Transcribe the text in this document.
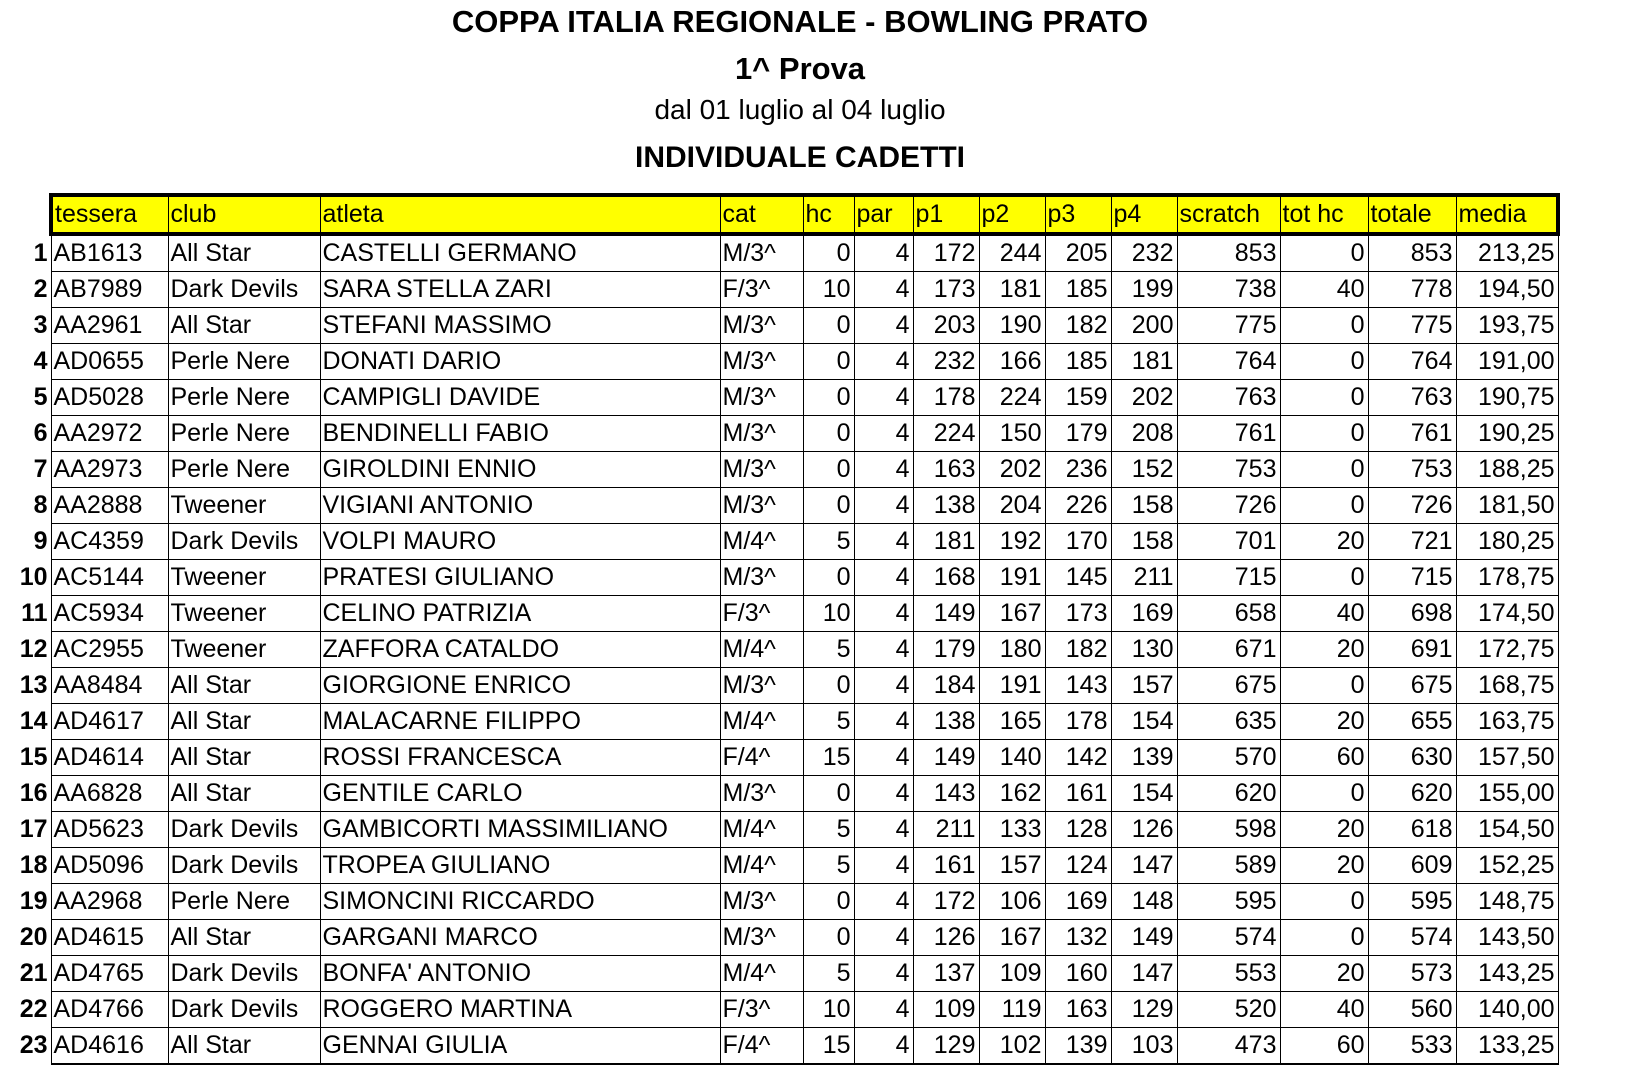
COPPA ITALIA REGIONALE - BOWLING PRATO
1^ Prova
dal 01 luglio al 04 luglio
INDIVIDUALE CADETTI
tessera	club	atleta	cat	hc	par	p1	p2	p3	p4	scratch	tot hc	totale	media

1 AB1613	All Star	CASTELLI GERMANO	M/3^	0	4	172	244	205	232	853	0	853	213,25

2 AB7989	Dark Devils	SARA STELLA ZARI	F/3^	10	4	173	181	185	199	738	40	778	194,50

3 AA2961	All Star	STEFANI MASSIMO	M/3^	0	4	203	190	182	200	775	0	775	193,75

4 AD0655	Perle Nere	DONATI DARIO	M/3^	0	4	232	166	185	181	764	0	764	191,00

5 AD5028	Perle Nere	CAMPIGLI DAVIDE	M/3^	0	4	178	224	159	202	763	0	763	190,75

6 AA2972	Perle Nere	BENDINELLI FABIO	M/3^	0	4	224	150	179	208	761	0	761	190,25

7 AA2973	Perle Nere	GIROLDINI ENNIO	M/3^	0	4	163	202	236	152	753	0	753	188,25

8 AA2888	Tweener	VIGIANI ANTONIO	M/3^	0	4	138	204	226	158	726	0	726	181,50

9 AC4359	Dark Devils	VOLPI MAURO	M/4^	5	4	181	192	170	158	701	20	721	180,25

10 AC5144	Tweener	PRATESI GIULIANO	M/3^	0	4	168	191	145	211	715	0	715	178,75

11 AC5934	Tweener	CELINO PATRIZIA	F/3^	10	4	149	167	173	169	658	40	698	174,50

12 AC2955	Tweener	ZAFFORA CATALDO	M/4^	5	4	179	180	182	130	671	20	691	172,75

13 AA8484	All Star	GIORGIONE ENRICO	M/3^	0	4	184	191	143	157	675	0	675	168,75

14 AD4617	All Star	MALACARNE FILIPPO	M/4^	5	4	138	165	178	154	635	20	655	163,75

15 AD4614	All Star	ROSSI FRANCESCA	F/4^	15	4	149	140	142	139	570	60	630	157,50

16 AA6828	All Star	GENTILE CARLO	M/3^	0	4	143	162	161	154	620	0	620	155,00

17 AD5623	Dark Devils	GAMBICORTI MASSIMILIANO	M/4^	5	4	211	133	128	126	598	20	618	154,50

18 AD5096	Dark Devils	TROPEA GIULIANO	M/4^	5	4	161	157	124	147	589	20	609	152,25

19 AA2968	Perle Nere	SIMONCINI RICCARDO	M/3^	0	4	172	106	169	148	595	0	595	148,75

20 AD4615	All Star	GARGANI MARCO	M/3^	0	4	126	167	132	149	574	0	574	143,50

21 AD4765	Dark Devils	BONFA' ANTONIO	M/4^	5	4	137	109	160	147	553	20	573	143,25

22 AD4766	Dark Devils	ROGGERO MARTINA	F/3^	10	4	109	119	163	129	520	40	560	140,00

23 AD4616	All Star	GENNAI GIULIA	F/4^	15	4	129	102	139	103	473	60	533	133,25
